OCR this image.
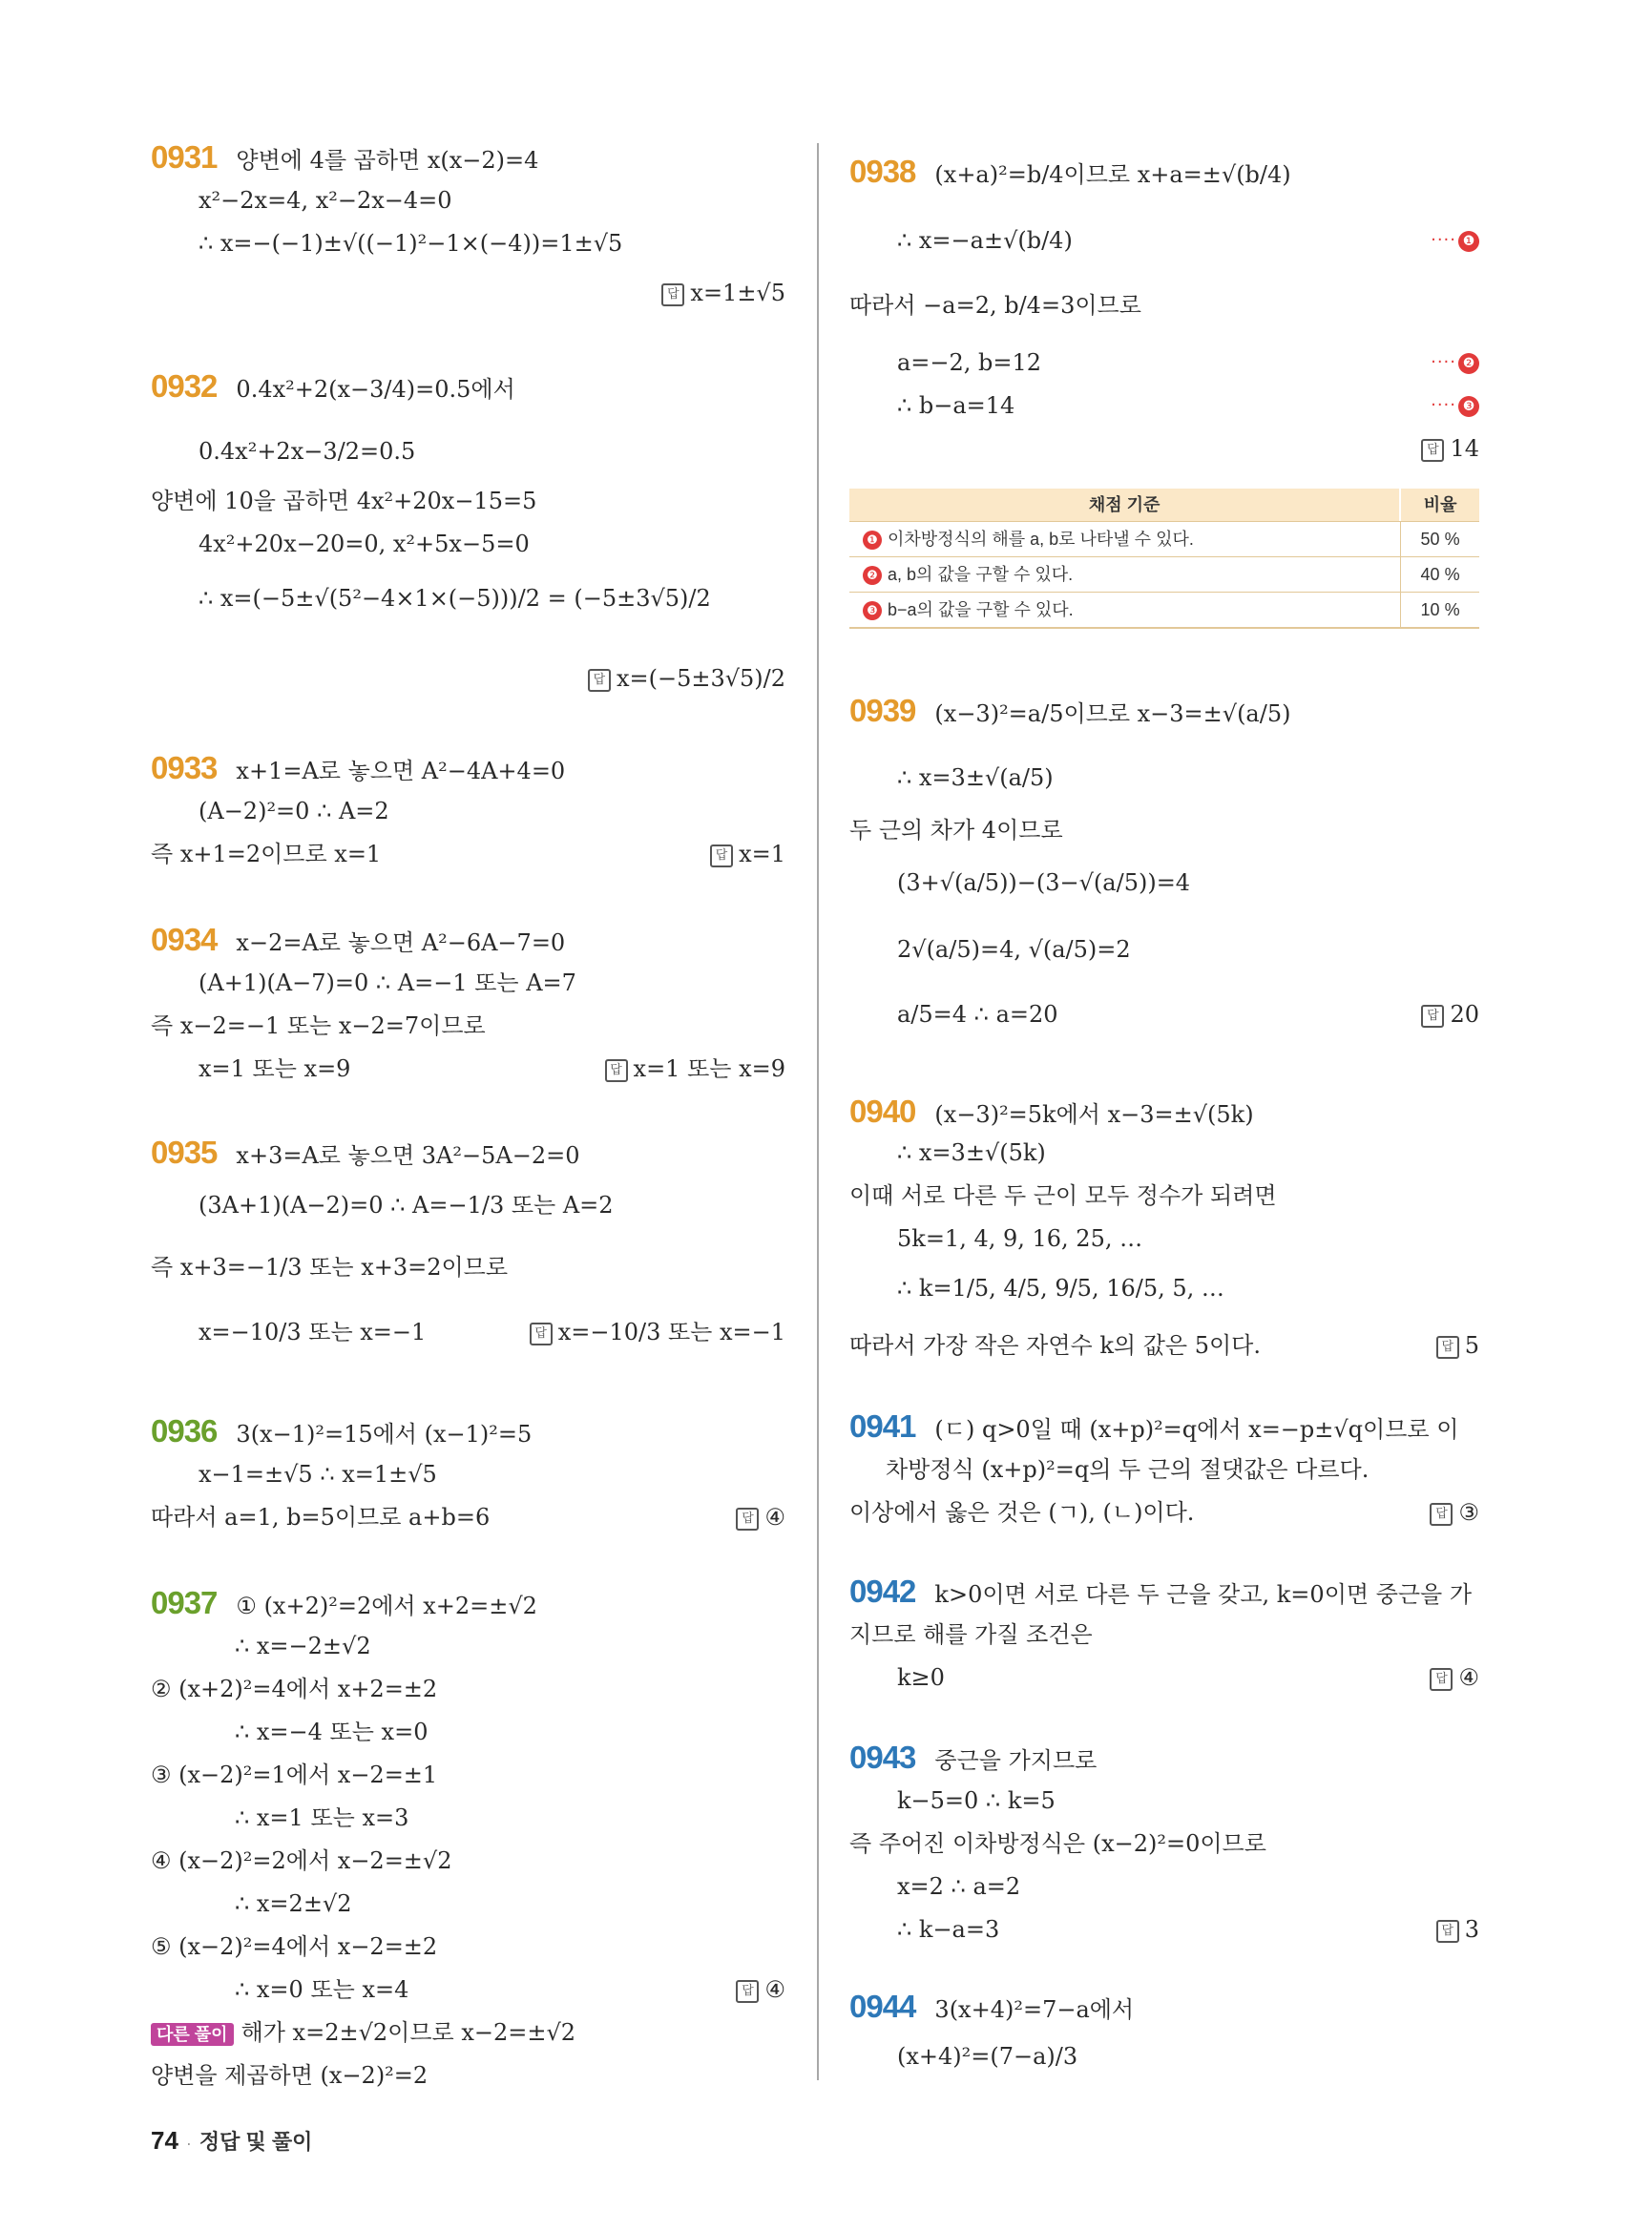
0931 양변에 4를 곱하면 x(x−2)=4
x²−2x=4, x²−2x−4=0
∴ x=−(−1)±√((−1)²−1×(−4))=1±√5
답 x=1±√5
0932 0.4x²+2(x−3/4)=0.5에서
0.4x²+2x−3/2=0.5
양변에 10을 곱하면 4x²+20x−15=5
4x²+20x−20=0, x²+5x−5=0
∴ x=(−5±√(5²−4×1×(−5)))/2 = (−5±3√5)/2
답 x=(−5±3√5)/2
0933 x+1=A로 놓으면 A²−4A+4=0
(A−2)²=0 ∴ A=2
즉 x+1=2이므로 x=1	답 x=1
0934 x−2=A로 놓으면 A²−6A−7=0
(A+1)(A−7)=0 ∴ A=−1 또는 A=7
즉 x−2=−1 또는 x−2=7이므로
x=1 또는 x=9	답 x=1 또는 x=9
0935 x+3=A로 놓으면 3A²−5A−2=0
(3A+1)(A−2)=0 ∴ A=−1/3 또는 A=2
즉 x+3=−1/3 또는 x+3=2이므로
x=−10/3 또는 x=−1	답 x=−10/3 또는 x=−1
0936 3(x−1)²=15에서 (x−1)²=5
x−1=±√5 ∴ x=1±√5
따라서 a=1, b=5이므로 a+b=6	답 ④
0937 ① (x+2)²=2에서 x+2=±√2
∴ x=−2±√2
② (x+2)²=4에서 x+2=±2
∴ x=−4 또는 x=0
③ (x−2)²=1에서 x−2=±1
∴ x=1 또는 x=3
④ (x−2)²=2에서 x−2=±√2
∴ x=2±√2
⑤ (x−2)²=4에서 x−2=±2
∴ x=0 또는 x=4	답 ④
다른 풀이 해가 x=2±√2이므로 x−2=±√2
양변을 제곱하면 (x−2)²=2
0938 (x+a)²=b/4이므로 x+a=±√(b/4)
∴ x=−a±√(b/4)	···· ❶
따라서 −a=2, b/4=3이므로
a=−2, b=12	···· ❷
∴ b−a=14	···· ❸
답 14
채점 기준	비율
❶ 이차방정식의 해를 a, b로 나타낼 수 있다.	50 %
❷ a, b의 값을 구할 수 있다.	40 %
❸ b−a의 값을 구할 수 있다.	10 %
0939 (x−3)²=a/5이므로 x−3=±√(a/5)
∴ x=3±√(a/5)
두 근의 차가 4이므로
(3+√(a/5))−(3−√(a/5))=4
2√(a/5)=4, √(a/5)=2
a/5=4 ∴ a=20	답 20
0940 (x−3)²=5k에서 x−3=±√(5k)
∴ x=3±√(5k)
이때 서로 다른 두 근이 모두 정수가 되려면
5k=1, 4, 9, 16, 25, …
∴ k=1/5, 4/5, 9/5, 16/5, 5, …
따라서 가장 작은 자연수 k의 값은 5이다.	답 5
0941 (ㄷ) q>0일 때 (x+p)²=q에서 x=−p±√q이므로 이
차방정식 (x+p)²=q의 두 근의 절댓값은 다르다.
이상에서 옳은 것은 (ㄱ), (ㄴ)이다.	답 ③
0942 k>0이면 서로 다른 두 근을 갖고, k=0이면 중근을 가
지므로 해를 가질 조건은
k≥0	답 ④
0943 중근을 가지므로
k−5=0 ∴ k=5
즉 주어진 이차방정식은 (x−2)²=0이므로
x=2 ∴ a=2
∴ k−a=3	답 3
0944 3(x+4)²=7−a에서
(x+4)²=(7−a)/3
74 · 정답 및 풀이
